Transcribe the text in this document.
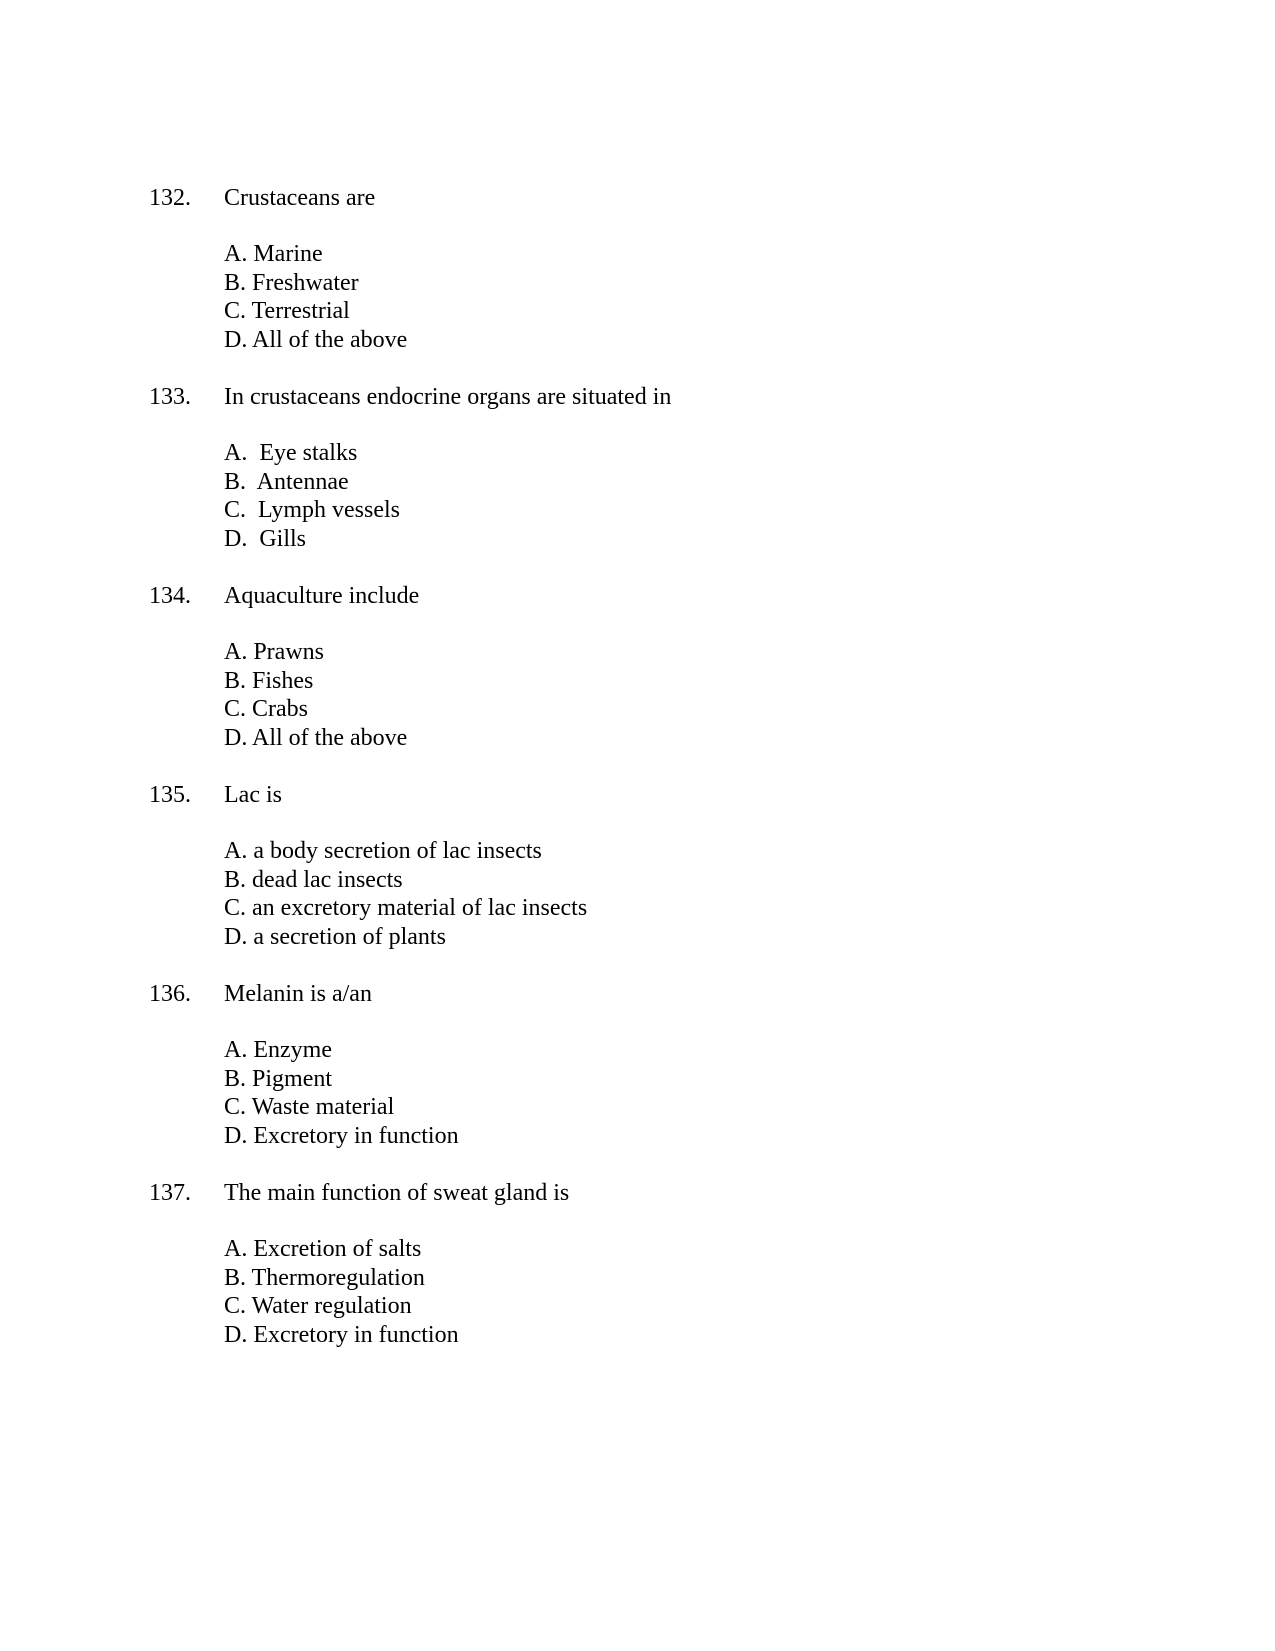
132.	Crustaceans are
A. Marine
B. Freshwater
C. Terrestrial
D. All of the above
133.	In crustaceans endocrine organs are situated in
A.  Eye stalks
B.  Antennae
C.  Lymph vessels
D.  Gills
134.	Aquaculture include
A. Prawns
B. Fishes
C. Crabs
D. All of the above
135.	Lac is
A. a body secretion of lac insects
B. dead lac insects
C. an excretory material of lac insects
D. a secretion of plants
136.	Melanin is a/an
A. Enzyme
B. Pigment
C. Waste material
D. Excretory in function
137.	The main function of sweat gland is
A. Excretion of salts
B. Thermoregulation
C. Water regulation
D. Excretory in function
